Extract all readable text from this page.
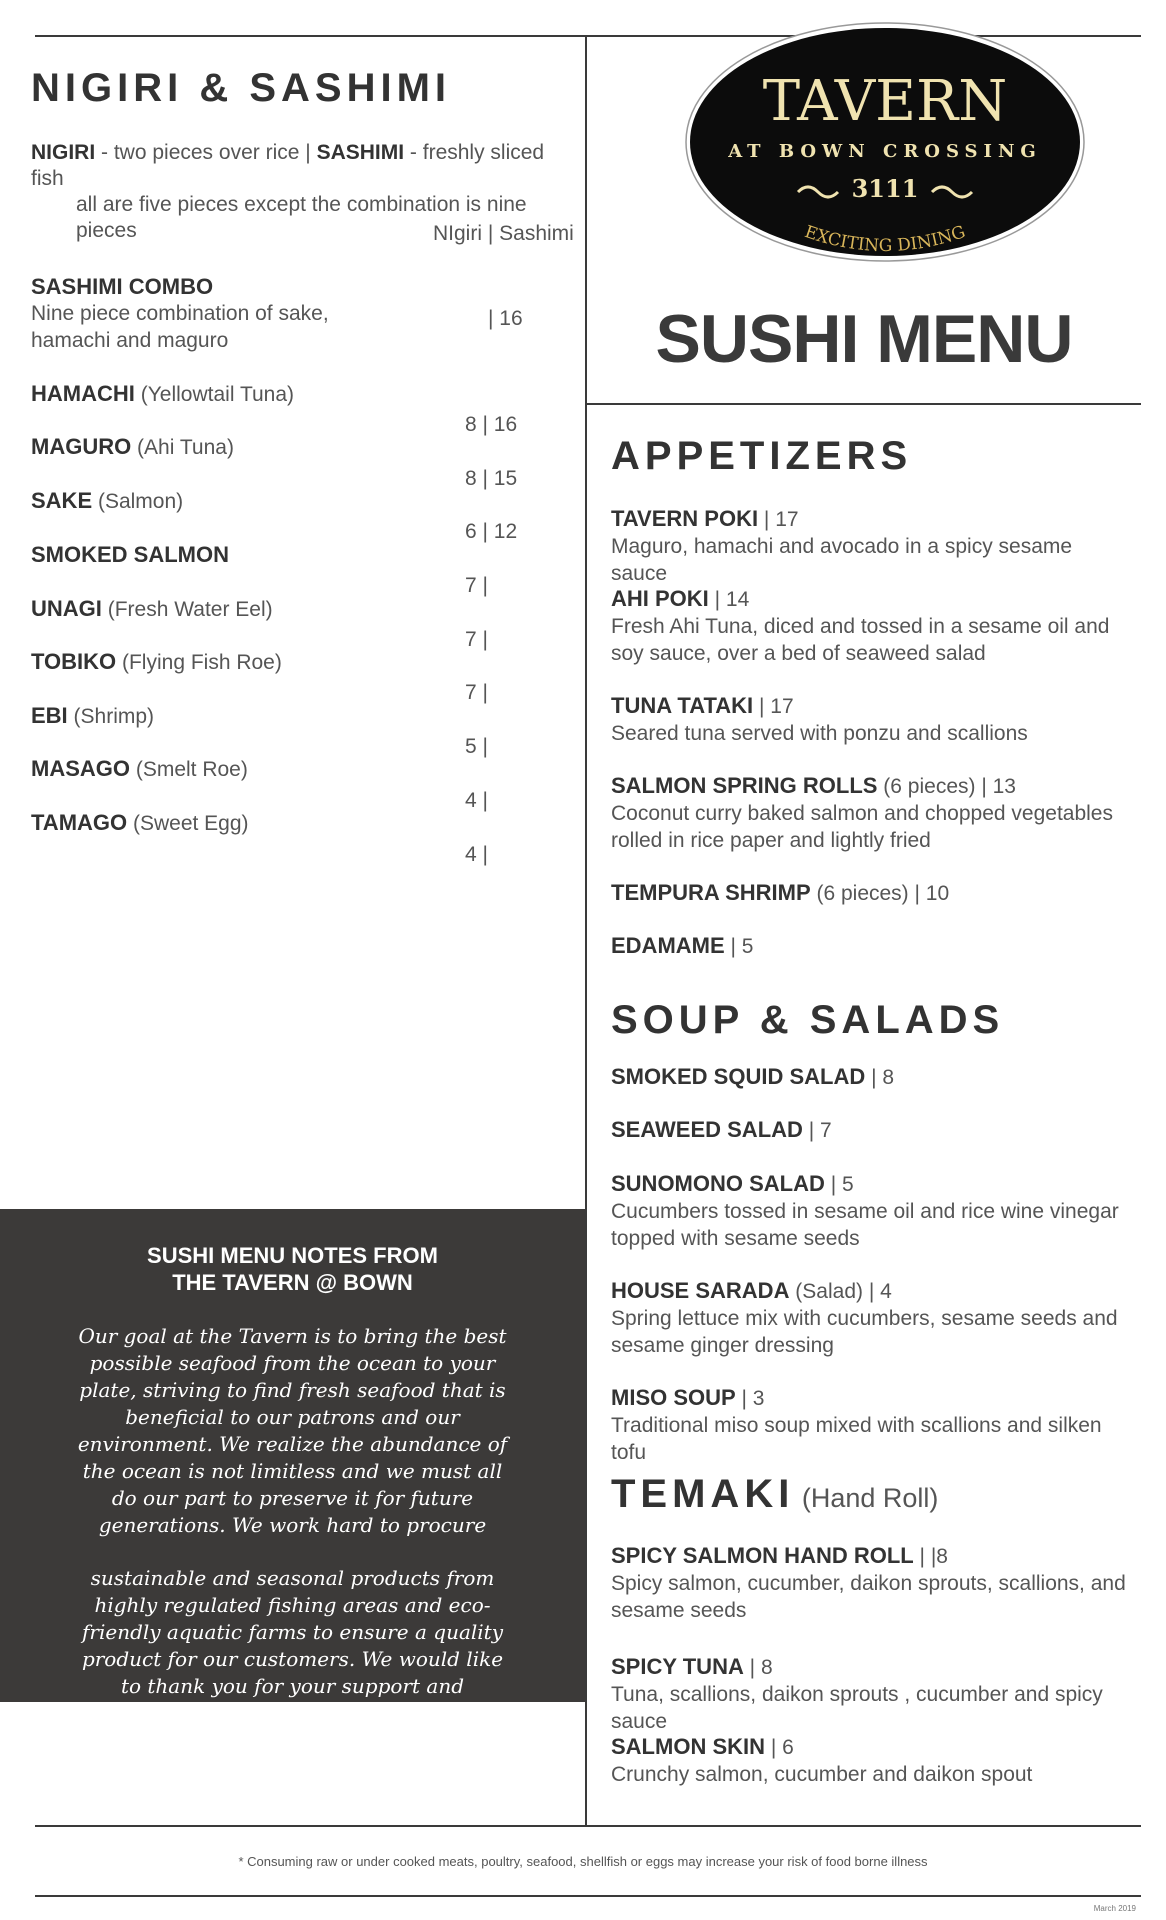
NIGIRI & SASHIMI
NIGIRI - two pieces over rice | SASHIMI - freshly sliced fish
all are five pieces except the combination is nine pieces	NIgiri | Sashimi
SASHIMI COMBO
Nine piece combination of sake,
hamachi and maguro
| 16
HAMACHI (Yellowtail Tuna)
8 | 16
MAGURO (Ahi Tuna)
8 | 15
SAKE (Salmon)
6 | 12
SMOKED SALMON
7 |
UNAGI (Fresh Water Eel)
7 |
TOBIKO (Flying Fish Roe)
7 |
EBI (Shrimp)
5 |
MASAGO (Smelt Roe)
4 |
TAMAGO (Sweet Egg)
4 |
SUSHI MENU NOTES FROM
THE TAVERN @ BOWN

Our goal at the Tavern is to bring the best possible seafood from the ocean to your plate, striving to find fresh seafood that is beneficial to our patrons and our environment. We realize the abundance of the ocean is not limitless and we must all do our part to preserve it for future generations. We work hard to procure

sustainable and seasonal products from highly regulated fishing areas and eco-friendly aquatic farms to ensure a quality product for our customers. We would like to thank you for your support and patronage.

TAVERN
AT BOWN CROSSING
3111
EXCITING DINING
SUSHI MENU
APPETIZERS
TAVERN POKI | 17
Maguro, hamachi and avocado in a spicy sesame sauce
AHI POKI | 14
Fresh Ahi Tuna, diced and tossed in a sesame oil and soy sauce, over a bed of seaweed salad
TUNA TATAKI | 17
Seared tuna served with ponzu and scallions
SALMON SPRING ROLLS (6 pieces) | 13
Coconut curry baked salmon and chopped vegetables rolled in rice paper and lightly fried
TEMPURA SHRIMP (6 pieces) | 10
EDAMAME | 5
SOUP & SALADS
SMOKED SQUID SALAD | 8
SEAWEED SALAD | 7
SUNOMONO SALAD | 5
Cucumbers tossed in sesame oil and rice wine vinegar topped with sesame seeds
HOUSE SARADA (Salad) | 4
Spring lettuce mix with cucumbers, sesame seeds and sesame ginger dressing
MISO SOUP | 3
Traditional miso soup mixed with scallions and silken tofu
TEMAKI (Hand Roll)
SPICY SALMON HAND ROLL | |8
Spicy salmon, cucumber, daikon sprouts, scallions, and sesame seeds
SPICY TUNA | 8
Tuna, scallions, daikon sprouts , cucumber and spicy sauce
SALMON SKIN | 6
Crunchy salmon, cucumber and daikon spout
* Consuming raw or under cooked meats, poultry, seafood, shellfish or eggs may increase your risk of food borne illness
March 2019
